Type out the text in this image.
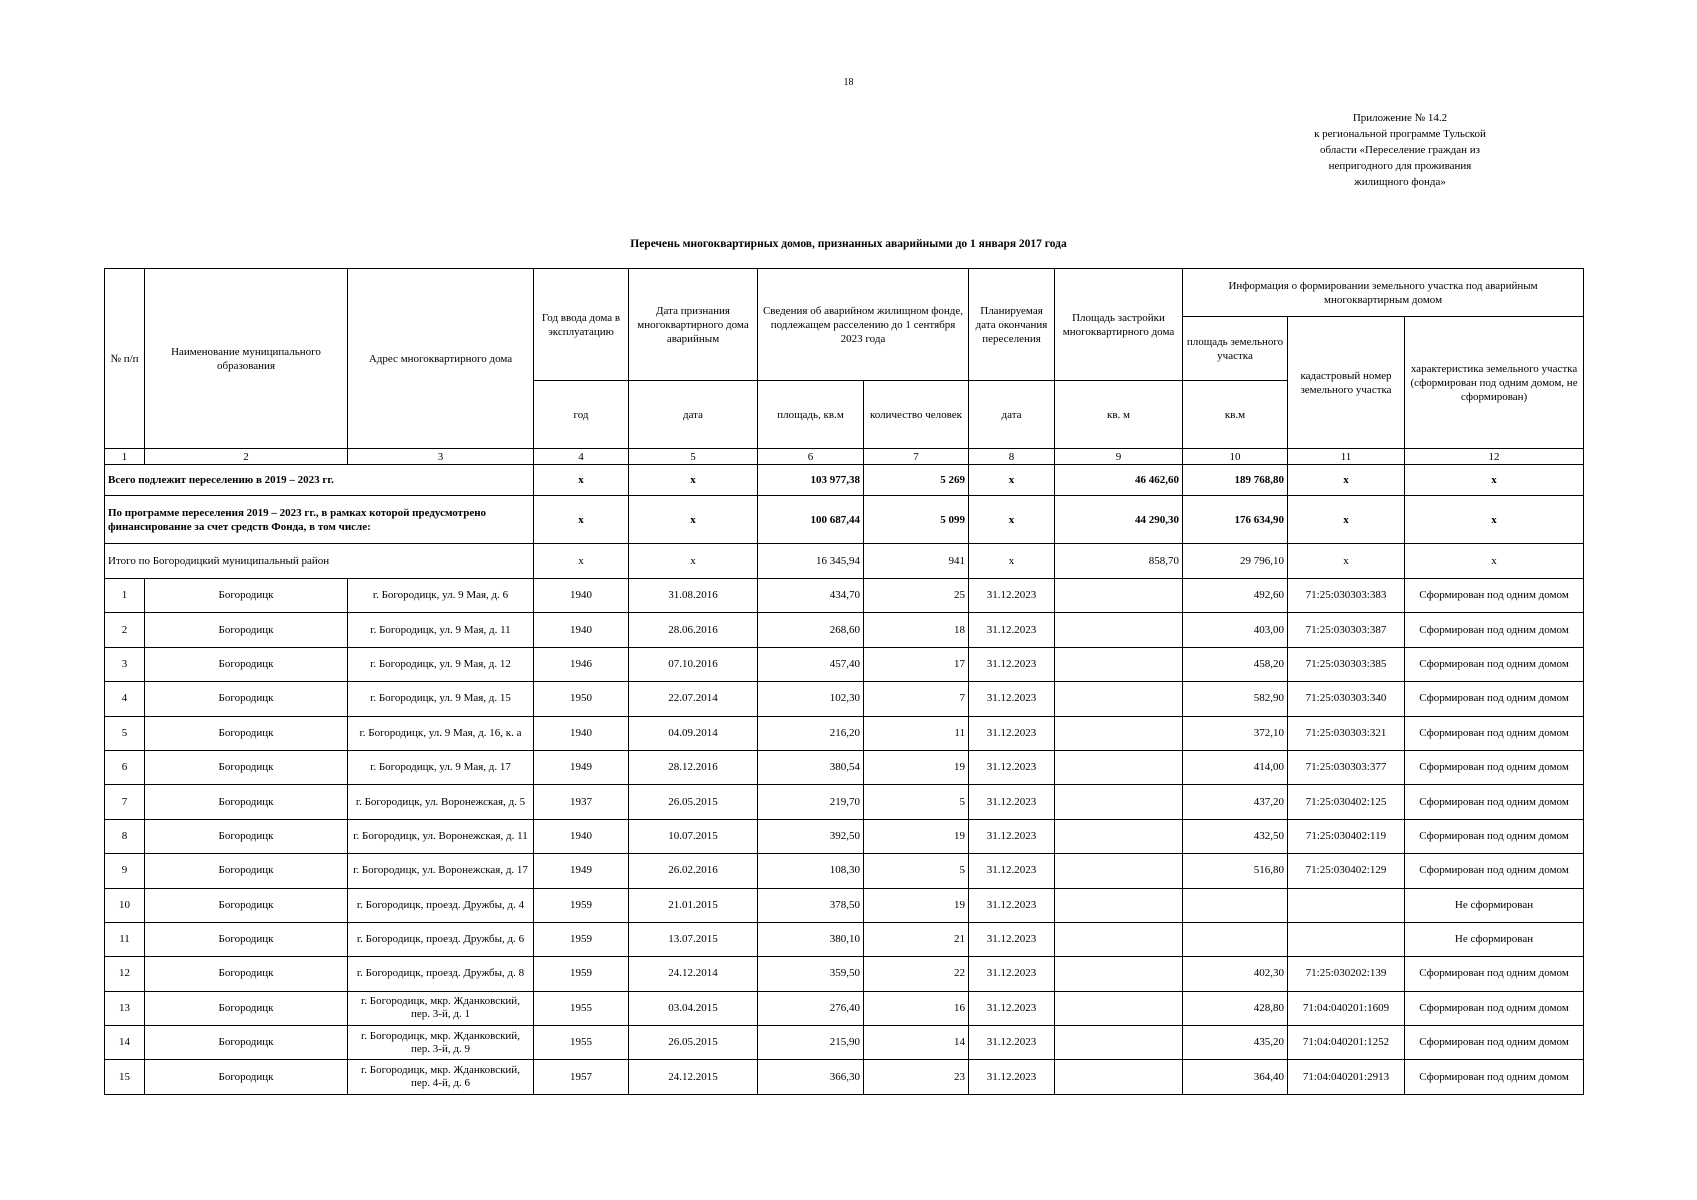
18
Приложение № 14.2
к региональной программе Тульской
области «Переселение граждан из
непригодного для проживания
жилищного фонда»
Перечень многоквартирных домов, признанных аварийными до 1 января 2017 года
№ п/п	Наименование муниципального образования	Адрес многоквартирного дома	Год ввода дома в эксплуатацию	Дата признания многоквартирного дома аварийным	Сведения об аварийном жилищном фонде, подлежащем расселению до 1 сентября 2023 года		Планируемая дата окончания переселения	Площадь застройки многоквартирного дома	Информация о формировании земельного участка под аварийным многоквартирным домом		
									площадь земельного участка	кадастровый номер земельного участка	характеристика земельного участка (сформирован под одним домом, не сформирован)
			год	дата	площадь, кв.м	количество человек	дата	кв. м	кв.м		
1	2	3	4	5	6	7	8	9	10	11	12
Всего подлежит переселению в 2019 – 2023 гг.			x	x	103 977,38	5 269	x	46 462,60	189 768,80	x	x
По программе переселения 2019 – 2023 гг., в рамках которой предусмотрено финансирование за счет средств Фонда, в том числе:			x	x	100 687,44	5 099	x	44 290,30	176 634,90	x	x
Итого по Богородицкий муниципальный район			x	x	16 345,94	941	x	858,70	29 796,10	x	x
1	Богородицк	г. Богородицк, ул. 9 Мая, д. 6	1940	31.08.2016	434,70	25	31.12.2023		492,60	71:25:030303:383	Сформирован под одним домом
2	Богородицк	г. Богородицк, ул. 9 Мая, д. 11	1940	28.06.2016	268,60	18	31.12.2023		403,00	71:25:030303:387	Сформирован под одним домом
3	Богородицк	г. Богородицк, ул. 9 Мая, д. 12	1946	07.10.2016	457,40	17	31.12.2023		458,20	71:25:030303:385	Сформирован под одним домом
4	Богородицк	г. Богородицк, ул. 9 Мая, д. 15	1950	22.07.2014	102,30	7	31.12.2023		582,90	71:25:030303:340	Сформирован под одним домом
5	Богородицк	г. Богородицк, ул. 9 Мая, д. 16, к. а	1940	04.09.2014	216,20	11	31.12.2023		372,10	71:25:030303:321	Сформирован под одним домом
6	Богородицк	г. Богородицк, ул. 9 Мая, д. 17	1949	28.12.2016	380,54	19	31.12.2023		414,00	71:25:030303:377	Сформирован под одним домом
7	Богородицк	г. Богородицк, ул. Воронежская, д. 5	1937	26.05.2015	219,70	5	31.12.2023		437,20	71:25:030402:125	Сформирован под одним домом
8	Богородицк	г. Богородицк, ул. Воронежская, д. 11	1940	10.07.2015	392,50	19	31.12.2023		432,50	71:25:030402:119	Сформирован под одним домом
9	Богородицк	г. Богородицк, ул. Воронежская, д. 17	1949	26.02.2016	108,30	5	31.12.2023		516,80	71:25:030402:129	Сформирован под одним домом
10	Богородицк	г. Богородицк, проезд. Дружбы, д. 4	1959	21.01.2015	378,50	19	31.12.2023				Не сформирован
11	Богородицк	г. Богородицк, проезд. Дружбы, д. 6	1959	13.07.2015	380,10	21	31.12.2023				Не сформирован
12	Богородицк	г. Богородицк, проезд. Дружбы, д. 8	1959	24.12.2014	359,50	22	31.12.2023		402,30	71:25:030202:139	Сформирован под одним домом
13	Богородицк	г. Богородицк, мкр. Жданковский, пер. 3-й, д. 1	1955	03.04.2015	276,40	16	31.12.2023		428,80	71:04:040201:1609	Сформирован под одним домом
14	Богородицк	г. Богородицк, мкр. Жданковский, пер. 3-й, д. 9	1955	26.05.2015	215,90	14	31.12.2023		435,20	71:04:040201:1252	Сформирован под одним домом
15	Богородицк	г. Богородицк, мкр. Жданковский, пер. 4-й, д. 6	1957	24.12.2015	366,30	23	31.12.2023		364,40	71:04:040201:2913	Сформирован под одним домом
